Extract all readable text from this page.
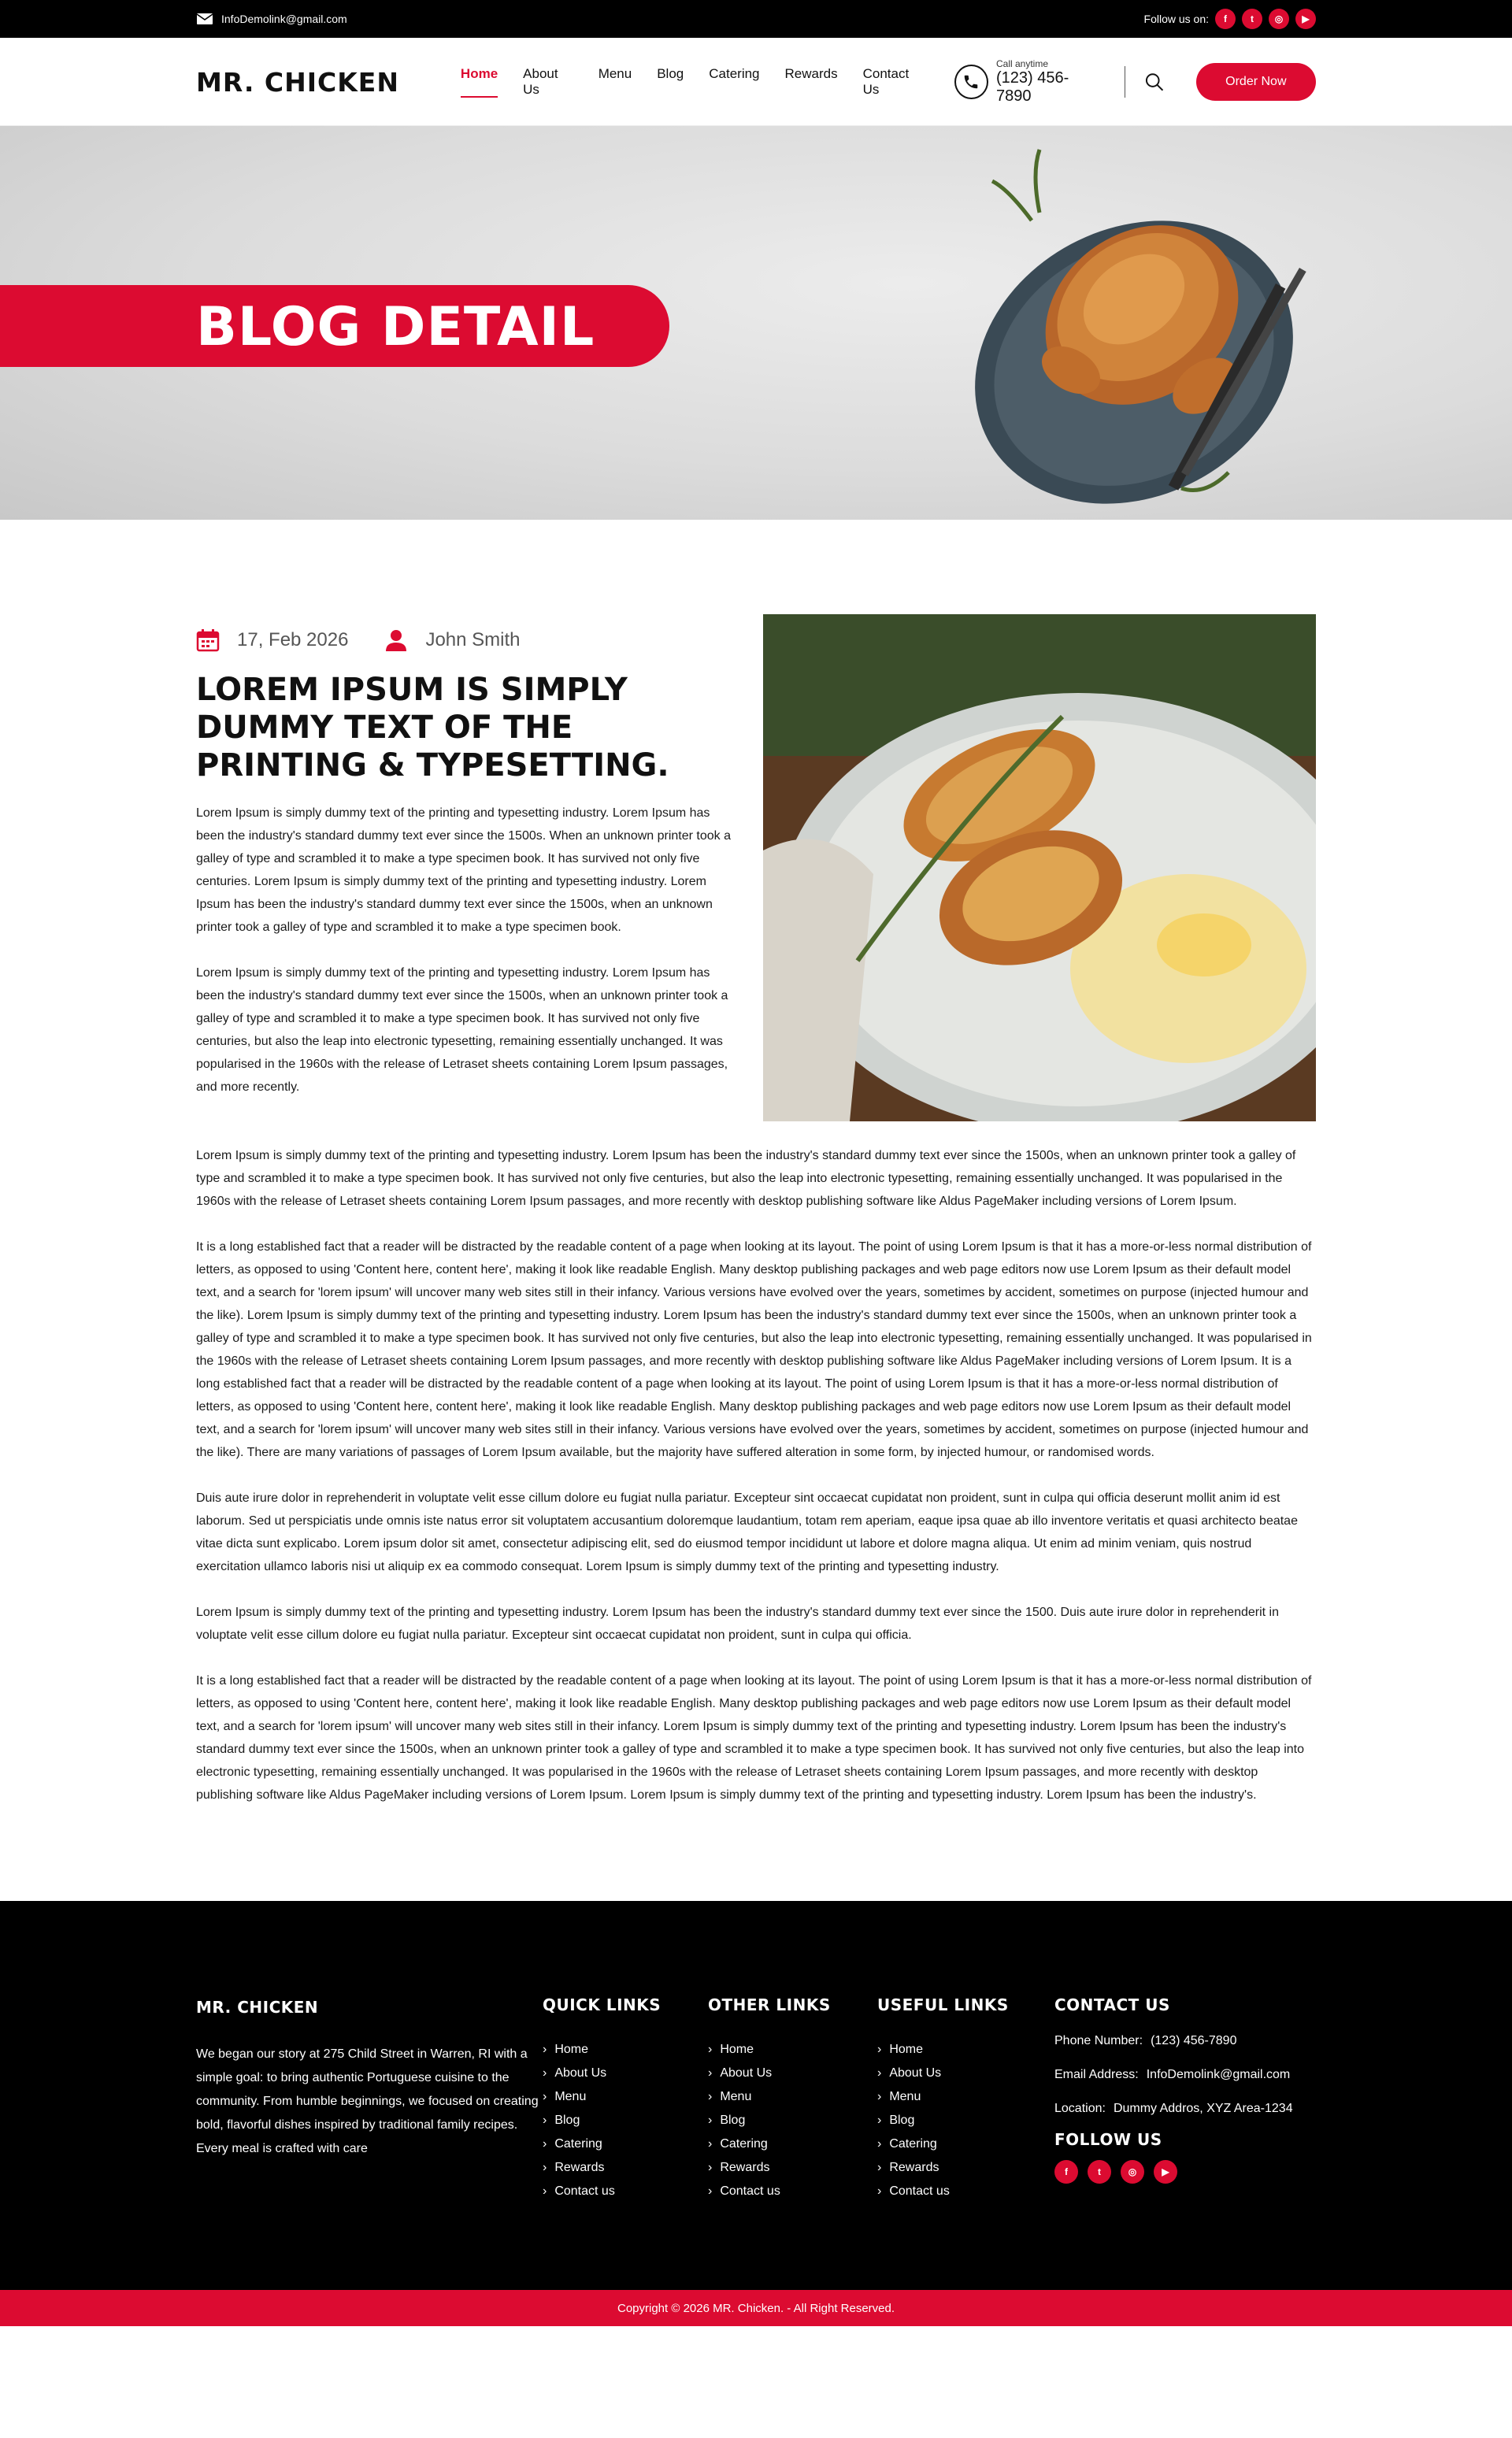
InfoDemolink@gmail.com	Follow us on:	f	t	◎	▶
MR. CHICKEN	Home About Us
Menu Blog Catering Rewards Contact Us
Call anytime
(123) 456-7890
Order Now
BLOG DETAIL
17, Feb 2026	John Smith
LOREM IPSUM IS SIMPLY DUMMY TEXT OF THE PRINTING & TYPESETTING.

Lorem Ipsum is simply dummy text of the printing and typesetting industry. Lorem Ipsum has been the industry's standard dummy text ever since the 1500s. When an unknown printer took a galley of type and scrambled it to make a type specimen book. It has survived not only five centuries. Lorem Ipsum is simply dummy text of the printing and typesetting industry. Lorem Ipsum has been the industry's standard dummy text ever since the 1500s, when an unknown printer took a galley of type and scrambled it to make a type specimen book.

Lorem Ipsum is simply dummy text of the printing and typesetting industry. Lorem Ipsum has been the industry's standard dummy text ever since the 1500s, when an unknown printer took a galley of type and scrambled it to make a type specimen book. It has survived not only five centuries, but also the leap into electronic typesetting, remaining essentially unchanged. It was popularised in the 1960s with the release of Letraset sheets containing Lorem Ipsum passages, and more recently.

Lorem Ipsum is simply dummy text of the printing and typesetting industry. Lorem Ipsum has been the industry's standard dummy text ever since the 1500s, when an unknown printer took a galley of type and scrambled it to make a type specimen book. It has survived not only five centuries, but also the leap into electronic typesetting, remaining essentially unchanged. It was popularised in the 1960s with the release of Letraset sheets containing Lorem Ipsum passages, and more recently with desktop publishing software like Aldus PageMaker including versions of Lorem Ipsum.

It is a long established fact that a reader will be distracted by the readable content of a page when looking at its layout. The point of using Lorem Ipsum is that it has a more-or-less normal distribution of letters, as opposed to using 'Content here, content here', making it look like readable English. Many desktop publishing packages and web page editors now use Lorem Ipsum as their default model text, and a search for 'lorem ipsum' will uncover many web sites still in their infancy. Various versions have evolved over the years, sometimes by accident, sometimes on purpose (injected humour and the like). Lorem Ipsum is simply dummy text of the printing and typesetting industry. Lorem Ipsum has been the industry's standard dummy text ever since the 1500s, when an unknown printer took a galley of type and scrambled it to make a type specimen book. It has survived not only five centuries, but also the leap into electronic typesetting, remaining essentially unchanged. It was popularised in the 1960s with the release of Letraset sheets containing Lorem Ipsum passages, and more recently with desktop publishing software like Aldus PageMaker including versions of Lorem Ipsum. It is a long established fact that a reader will be distracted by the readable content of a page when looking at its layout. The point of using Lorem Ipsum is that it has a more-or-less normal distribution of letters, as opposed to using 'Content here, content here', making it look like readable English. Many desktop publishing packages and web page editors now use Lorem Ipsum as their default model text, and a search for 'lorem ipsum' will uncover many web sites still in their infancy. Various versions have evolved over the years, sometimes by accident, sometimes on purpose (injected humour and the like). There are many variations of passages of Lorem Ipsum available, but the majority have suffered alteration in some form, by injected humour, or randomised words.

Duis aute irure dolor in reprehenderit in voluptate velit esse cillum dolore eu fugiat nulla pariatur. Excepteur sint occaecat cupidatat non proident, sunt in culpa qui officia deserunt mollit anim id est laborum. Sed ut perspiciatis unde omnis iste natus error sit voluptatem accusantium doloremque laudantium, totam rem aperiam, eaque ipsa quae ab illo inventore veritatis et quasi architecto beatae vitae dicta sunt explicabo. Lorem ipsum dolor sit amet, consectetur adipiscing elit, sed do eiusmod tempor incididunt ut labore et dolore magna aliqua. Ut enim ad minim veniam, quis nostrud exercitation ullamco laboris nisi ut aliquip ex ea commodo consequat. Lorem Ipsum is simply dummy text of the printing and typesetting industry.

Lorem Ipsum is simply dummy text of the printing and typesetting industry. Lorem Ipsum has been the industry's standard dummy text ever since the 1500. Duis aute irure dolor in reprehenderit in voluptate velit esse cillum dolore eu fugiat nulla pariatur. Excepteur sint occaecat cupidatat non proident, sunt in culpa qui officia.

It is a long established fact that a reader will be distracted by the readable content of a page when looking at its layout. The point of using Lorem Ipsum is that it has a more-or-less normal distribution of letters, as opposed to using 'Content here, content here', making it look like readable English. Many desktop publishing packages and web page editors now use Lorem Ipsum as their default model text, and a search for 'lorem ipsum' will uncover many web sites still in their infancy. Lorem Ipsum is simply dummy text of the printing and typesetting industry. Lorem Ipsum has been the industry's standard dummy text ever since the 1500s, when an unknown printer took a galley of type and scrambled it to make a type specimen book. It has survived not only five centuries, but also the leap into electronic typesetting, remaining essentially unchanged. It was popularised in the 1960s with the release of Letraset sheets containing Lorem Ipsum passages, and more recently with desktop publishing software like Aldus PageMaker including versions of Lorem Ipsum. Lorem Ipsum is simply dummy text of the printing and typesetting industry. Lorem Ipsum has been the industry's.

MR. CHICKEN

We began our story at 275 Child Street in Warren, RI with a simple goal: to bring authentic Portuguese cuisine to the community. From humble beginnings, we focused on creating bold, flavorful dishes inspired by traditional family recipes. Every meal is crafted with care

QUICK LINKS
› Home
› About Us
› Menu
› Blog
› Catering
› Rewards
› Contact us
OTHER LINKS
› Home
› About Us
› Menu
› Blog
› Catering
› Rewards
› Contact us
USEFUL LINKS
› Home
› About Us
› Menu
› Blog
› Catering
› Rewards
› Contact us
CONTACT US
Phone Number: (123) 456-7890
Email Address: InfoDemolink@gmail.com
Location: Dummy Addros, XYZ Area-1234
FOLLOW US
f	t	◎	▶
Copyright © 2026 MR. Chicken. - All Right Reserved.
